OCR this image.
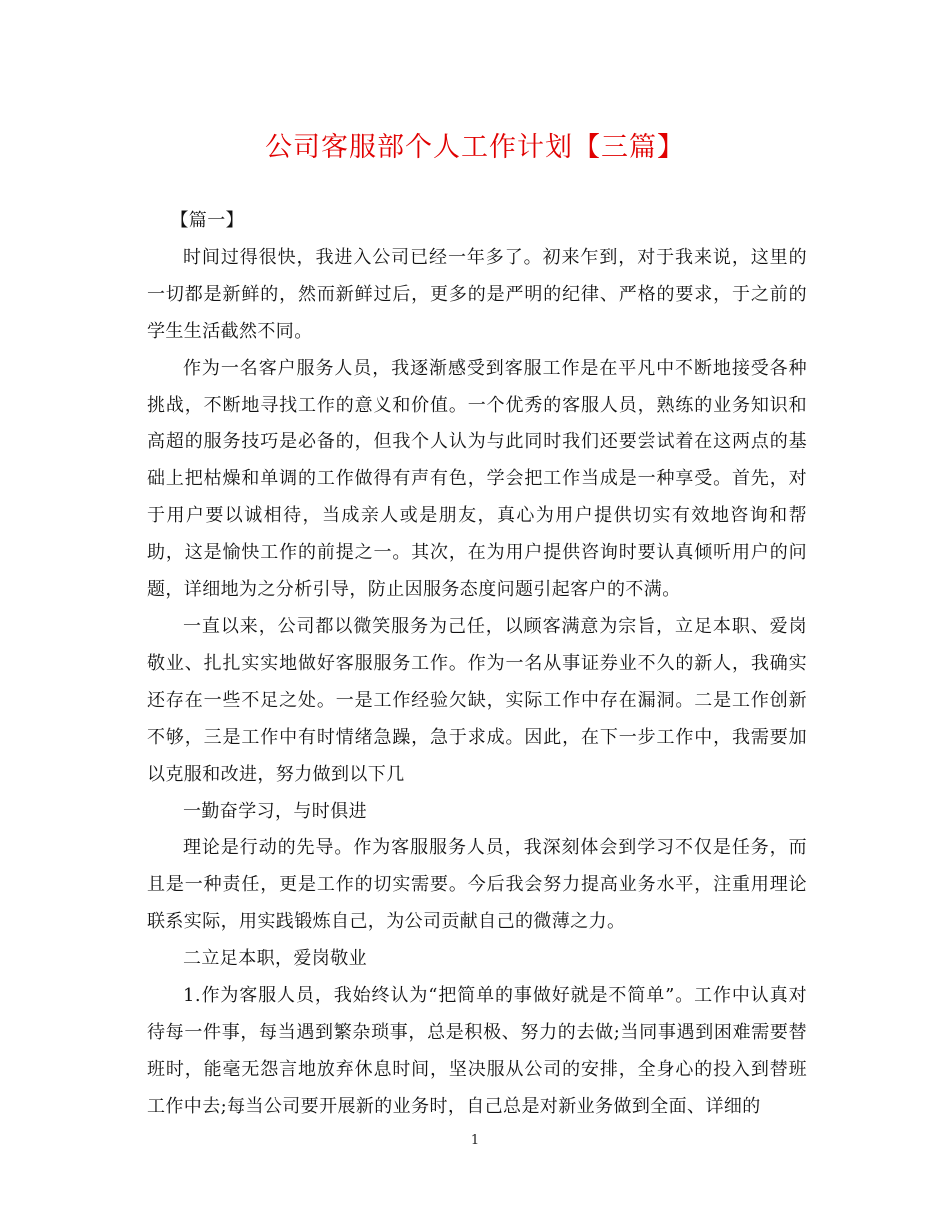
公司客服部个人工作计划【三篇】

【篇一】

时间过得很快，我进入公司已经一年多了。初来乍到，对于我来说，这里的一切都是新鲜的，然而新鲜过后，更多的是严明的纪律、严格的要求，于之前的学生生活截然不同。

作为一名客户服务人员，我逐渐感受到客服工作是在平凡中不断地接受各种挑战，不断地寻找工作的意义和价值。一个优秀的客服人员，熟练的业务知识和高超的服务技巧是必备的，但我个人认为与此同时我们还要尝试着在这两点的基础上把枯燥和单调的工作做得有声有色，学会把工作当成是一种享受。首先，对于用户要以诚相待，当成亲人或是朋友，真心为用户提供切实有效地咨询和帮助，这是愉快工作的前提之一。其次，在为用户提供咨询时要认真倾听用户的问题，详细地为之分析引导，防止因服务态度问题引起客户的不满。

一直以来，公司都以微笑服务为己任，以顾客满意为宗旨，立足本职、爱岗敬业、扎扎实实地做好客服服务工作。作为一名从事证券业不久的新人，我确实还存在一些不足之处。一是工作经验欠缺，实际工作中存在漏洞。二是工作创新不够，三是工作中有时情绪急躁，急于求成。因此，在下一步工作中，我需要加以克服和改进，努力做到以下几

一勤奋学习，与时俱进

理论是行动的先导。作为客服服务人员，我深刻体会到学习不仅是任务，而且是一种责任，更是工作的切实需要。今后我会努力提高业务水平，注重用理论联系实际，用实践锻炼自己，为公司贡献自己的微薄之力。

二立足本职，爱岗敬业

1.作为客服人员，我始终认为“把简单的事做好就是不简单”。工作中认真对待每一件事，每当遇到繁杂琐事，总是积极、努力的去做;当同事遇到困难需要替班时，能毫无怨言地放弃休息时间，坚决服从公司的安排，全身心的投入到替班工作中去;每当公司要开展新的业务时，自己总是对新业务做到全面、详细的

1
